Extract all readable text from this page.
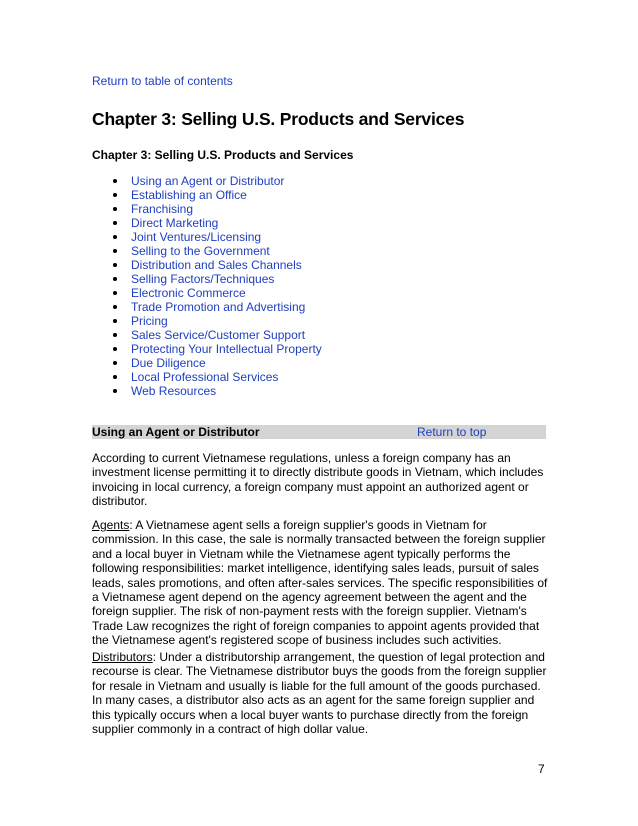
Return to table of contents
Chapter 3: Selling U.S. Products and Services

Chapter 3: Selling U.S. Products and Services

Using an Agent or Distributor
Establishing an Office
Franchising
Direct Marketing
Joint Ventures/Licensing
Selling to the Government
Distribution and Sales Channels
Selling Factors/Techniques
Electronic Commerce
Trade Promotion and Advertising
Pricing
Sales Service/Customer Support
Protecting Your Intellectual Property
Due Diligence
Local Professional Services
Web Resources
Using an Agent or Distributor	Return to top

According to current Vietnamese regulations, unless a foreign company has an investment license permitting it to directly distribute goods in Vietnam, which includes invoicing in local currency, a foreign company must appoint an authorized agent or distributor.

Agents: A Vietnamese agent sells a foreign supplier's goods in Vietnam for commission. In this case, the sale is normally transacted between the foreign supplier and a local buyer in Vietnam while the Vietnamese agent typically performs the following responsibilities: market intelligence, identifying sales leads, pursuit of sales leads, sales promotions, and often after-sales services. The specific responsibilities of a Vietnamese agent depend on the agency agreement between the agent and the foreign supplier. The risk of non-payment rests with the foreign supplier. Vietnam's Trade Law recognizes the right of foreign companies to appoint agents provided that the Vietnamese agent's registered scope of business includes such activities.

Distributors: Under a distributorship arrangement, the question of legal protection and recourse is clear. The Vietnamese distributor buys the goods from the foreign supplier for resale in Vietnam and usually is liable for the full amount of the goods purchased. In many cases, a distributor also acts as an agent for the same foreign supplier and this typically occurs when a local buyer wants to purchase directly from the foreign supplier commonly in a contract of high dollar value.

7
